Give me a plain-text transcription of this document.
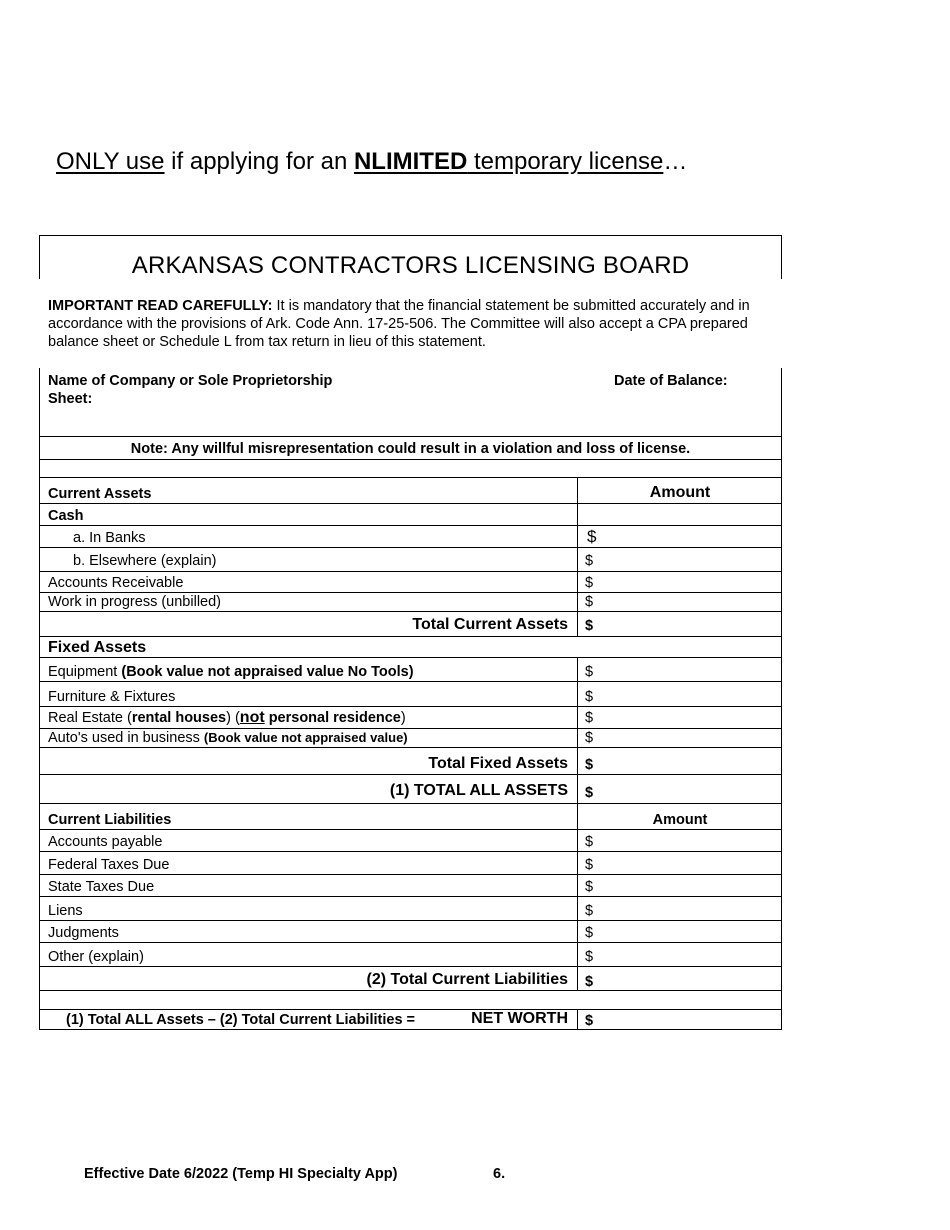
ONLY use if applying for an NLIMITED temporary license…
ARKANSAS CONTRACTORS LICENSING BOARD
IMPORTANT READ CAREFULLY: It is mandatory that the financial statement be submitted accurately and in accordance with the provisions of Ark. Code Ann. 17-25-506. The Committee will also accept a CPA prepared balance sheet or Schedule L from tax return in lieu of this statement.
Name of Company or Sole Proprietorship
Sheet:
Date of Balance:
Note: Any willful misrepresentation could result in a violation and loss of license.
Current Assets	Amount
Cash
a. In Banks	$
b. Elsewhere (explain)	$
Accounts Receivable	$
Work in progress (unbilled)	$
Total Current Assets $
Fixed Assets
Equipment (Book value not appraised value No Tools)	$
Furniture & Fixtures	$
Real Estate (rental houses) (not personal residence)	$
Auto's used in business (Book value not appraised value)	$
Total Fixed Assets $
(1) TOTAL ALL ASSETS $
Current Liabilities	Amount
Accounts payable	$
Federal Taxes Due	$
State Taxes Due	$
Liens	$
Judgments	$
Other (explain)	$
(2) Total Current Liabilities $
(1) Total ALL Assets – (2) Total Current Liabilities =	NET WORTH $
Effective Date 6/2022 (Temp HI Specialty App)	6.
